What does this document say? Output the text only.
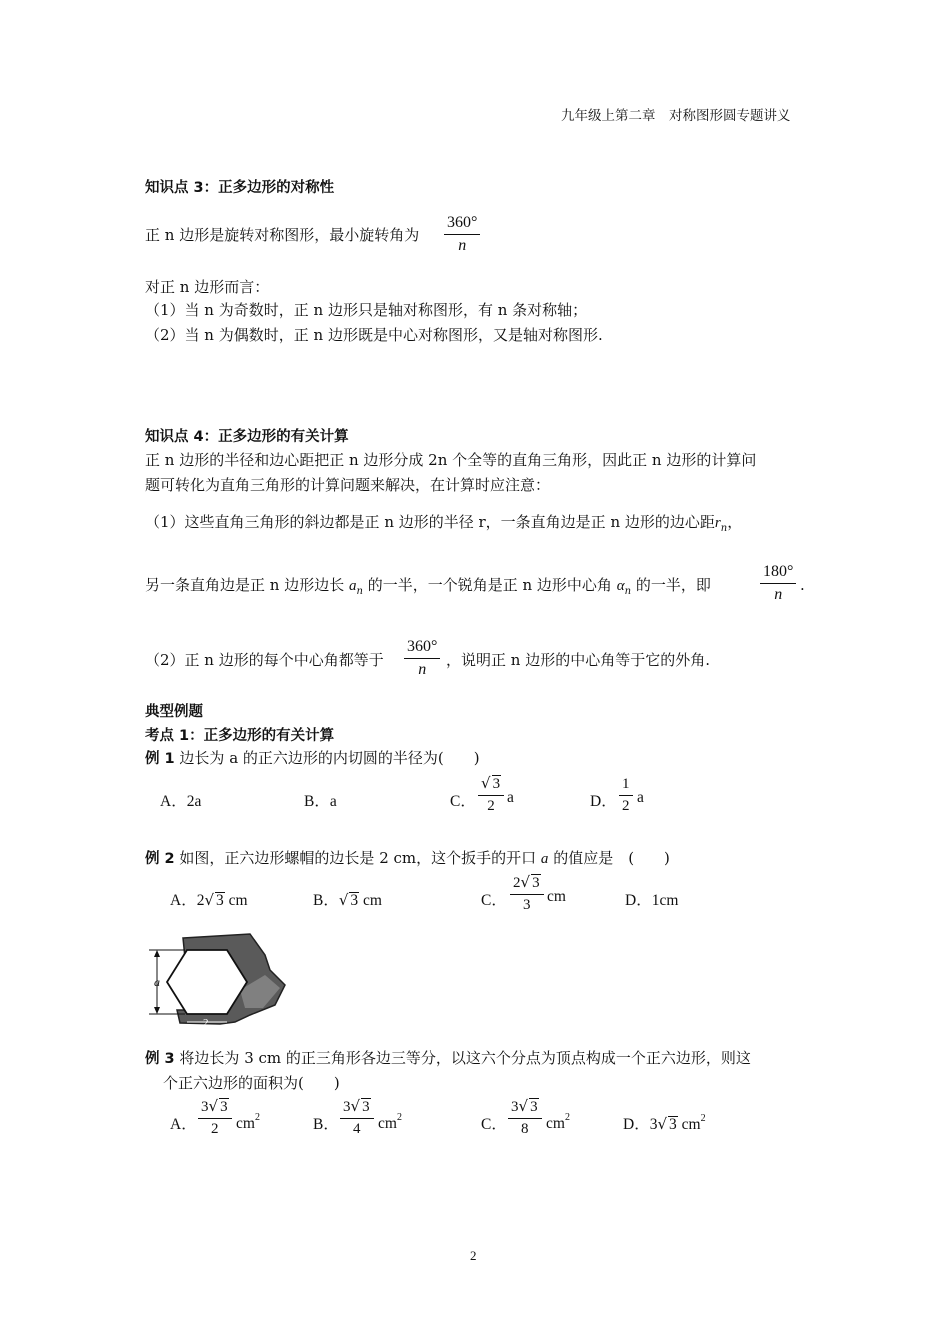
九年级上第二章　对称图形圆专题讲义
知识点 3：正多边形的对称性
正 n 边形是旋转对称图形，最小旋转角为 $\frac{360^\circ}{n}$
对正 n 边形而言：
（1）当 n 为奇数时，正 n 边形只是轴对称图形，有 n 条对称轴；
（2）当 n 为偶数时，正 n 边形既是中心对称图形，又是轴对称图形.
知识点 4：正多边形的有关计算
正 n 边形的半径和边心距把正 n 边形分成 2n 个全等的直角三角形，因此正 n 边形的计算问
题可转化为直角三角形的计算问题来解决，在计算时应注意：
（1）这些直角三角形的斜边都是正 n 边形的半径 r，一条直角边是正 n 边形的边心距$r_n$，
另一条直角边是正 n 边形边长 $a_n$ 的一半，一个锐角是正 n 边形中心角 $\alpha_n$ 的一半，即	$\frac{180^\circ}{n}$ .
（2）正 n 边形的每个中心角都等于 $\frac{360^\circ}{n}$ ，说明正 n 边形的中心角等于它的外角.
典型例题
考点 1：正多边形的有关计算
例 1 边长为 a 的正六边形的内切圆的半径为(　　)
A．2a	B．a	C． $\frac{√ 3}{2}$ a	D． $\frac{1}{2}$ a
例 2 如图，正六边形螺帽的边长是 2 cm，这个扳手的开口 a 的值应是　(　　)
A．2√ 3 cm	B．√ 3 cm	C． $\frac{2√ 3}{3}$ cm	D．1cm
a
2
例 3 将边长为 3 cm 的正三角形各边三等分，以这六个分点为顶点构成一个正六边形，则这
个正六边形的面积为(　　)
A． $\frac{3√ 3}{2} cm^2$	B． $\frac{3√ 3}{4} cm^2$	C． $\frac{3√ 3}{8} cm^2$	D．3√ 3 $cm^2$
2
